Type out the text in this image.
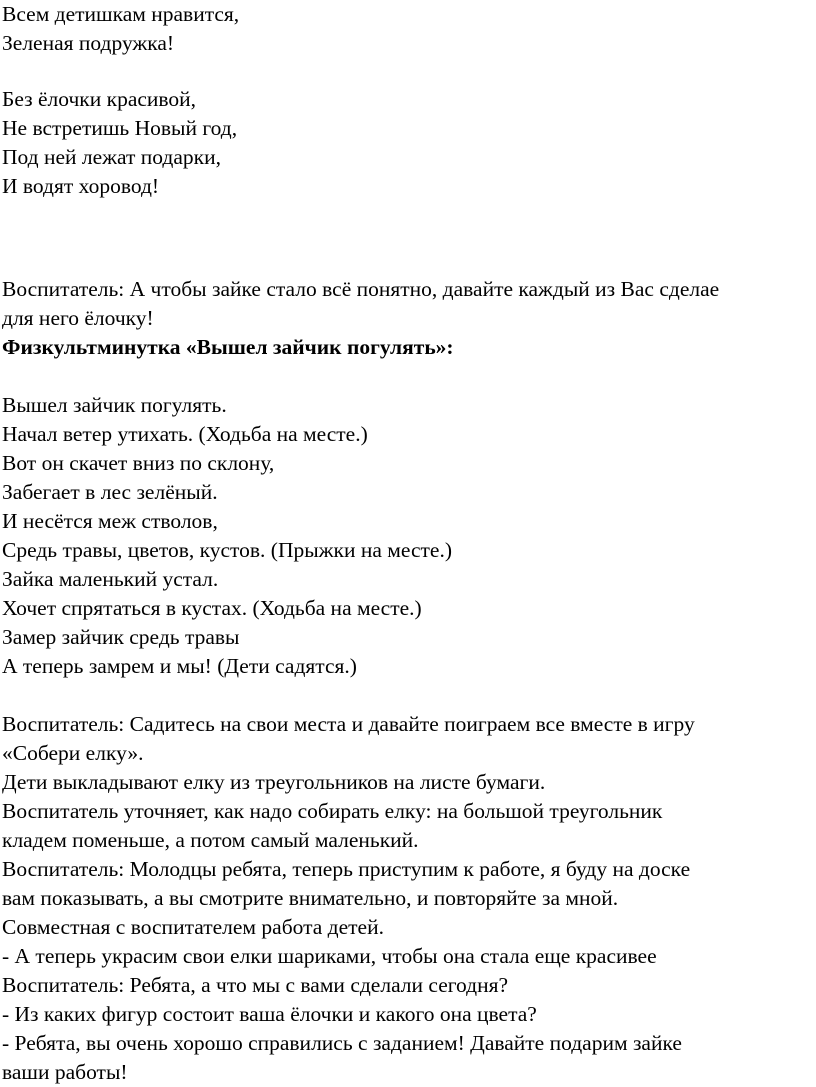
Всем детишкам нравится,
Зеленая подружка!
Без ёлочки красивой,
Не встретишь Новый год,
Под ней лежат подарки,
И водят хоровод!
Воспитатель: А чтобы зайке стало всё понятно, давайте каждый из Вас сделае
для него ёлочку!
Физкультминутка «Вышел зайчик погулять»:
Вышел зайчик погулять.
Начал ветер утихать. (Ходьба на месте.)
Вот он скачет вниз по склону,
Забегает в лес зелёный.
И несётся меж стволов,
Средь травы, цветов, кустов. (Прыжки на месте.)
Зайка маленький устал.
Хочет спрятаться в кустах. (Ходьба на месте.)
Замер зайчик средь травы
А теперь замрем и мы! (Дети садятся.)
Воспитатель: Садитесь на свои места и давайте поиграем все вместе в игру
«Собери елку».
Дети выкладывают елку из треугольников на листе бумаги.
Воспитатель уточняет, как надо собирать елку: на большой треугольник
кладем поменьше, а потом самый маленький.
Воспитатель: Молодцы ребята, теперь приступим к работе, я буду на доске
вам показывать, а вы смотрите внимательно, и повторяйте за мной.
Совместная с воспитателем работа детей.
- А теперь украсим свои елки шариками, чтобы она стала еще красивее
Воспитатель: Ребята, а что мы с вами сделали сегодня?
- Из каких фигур состоит ваша ёлочки и какого она цвета?
- Ребята, вы очень хорошо справились с заданием! Давайте подарим зайке
ваши работы!
